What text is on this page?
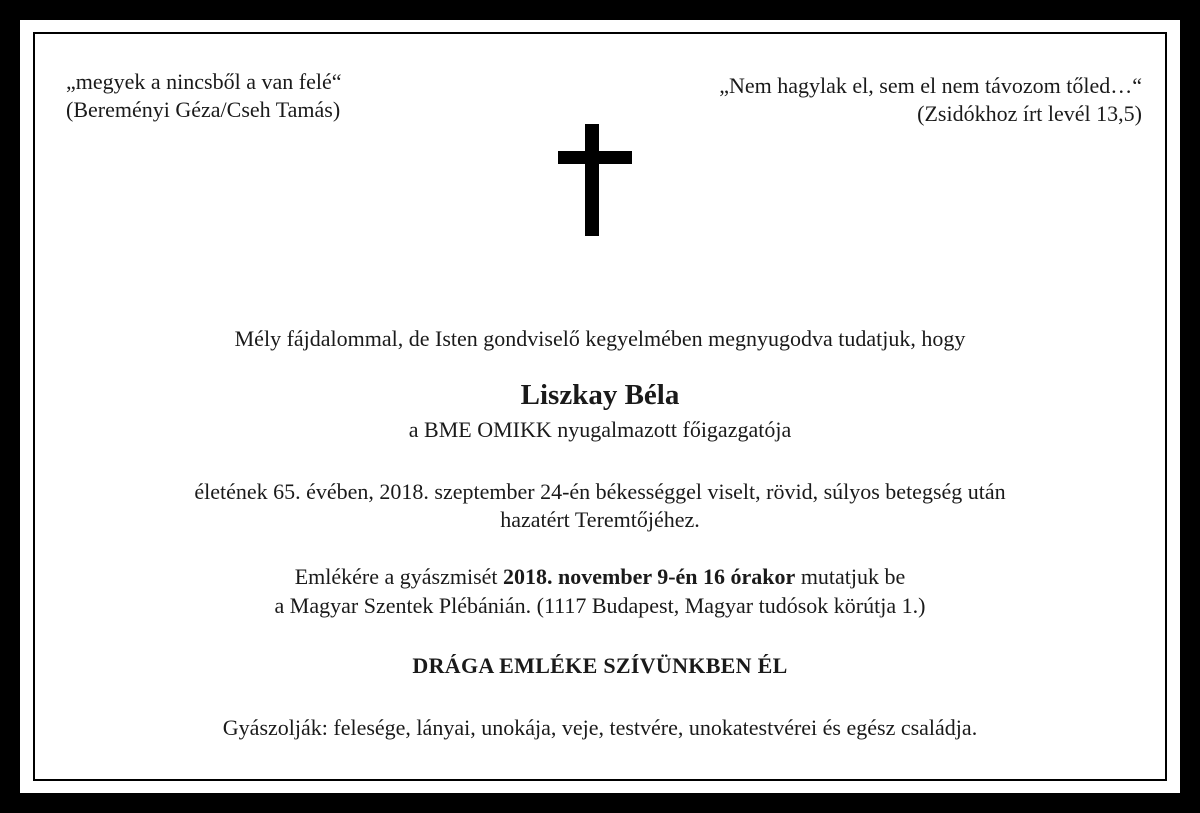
„megyek a nincsből a van felé“
(Bereményi Géza/Cseh Tamás)
„Nem hagylak el, sem el nem távozom tőled…“
(Zsidókhoz írt levél 13,5)
Mély fájdalommal, de Isten gondviselő kegyelmében megnyugodva tudatjuk, hogy
Liszkay Béla
a BME OMIKK nyugalmazott főigazgatója
életének 65. évében, 2018. szeptember 24-én békességgel viselt, rövid, súlyos betegség után
hazatért Teremtőjéhez.
Emlékére a gyászmisét 2018. november 9-én 16 órakor mutatjuk be
a Magyar Szentek Plébánián. (1117 Budapest, Magyar tudósok körútja 1.)
DRÁGA EMLÉKE SZÍVÜNKBEN ÉL
Gyászolják: felesége, lányai, unokája, veje, testvére, unokatestvérei és egész családja.
